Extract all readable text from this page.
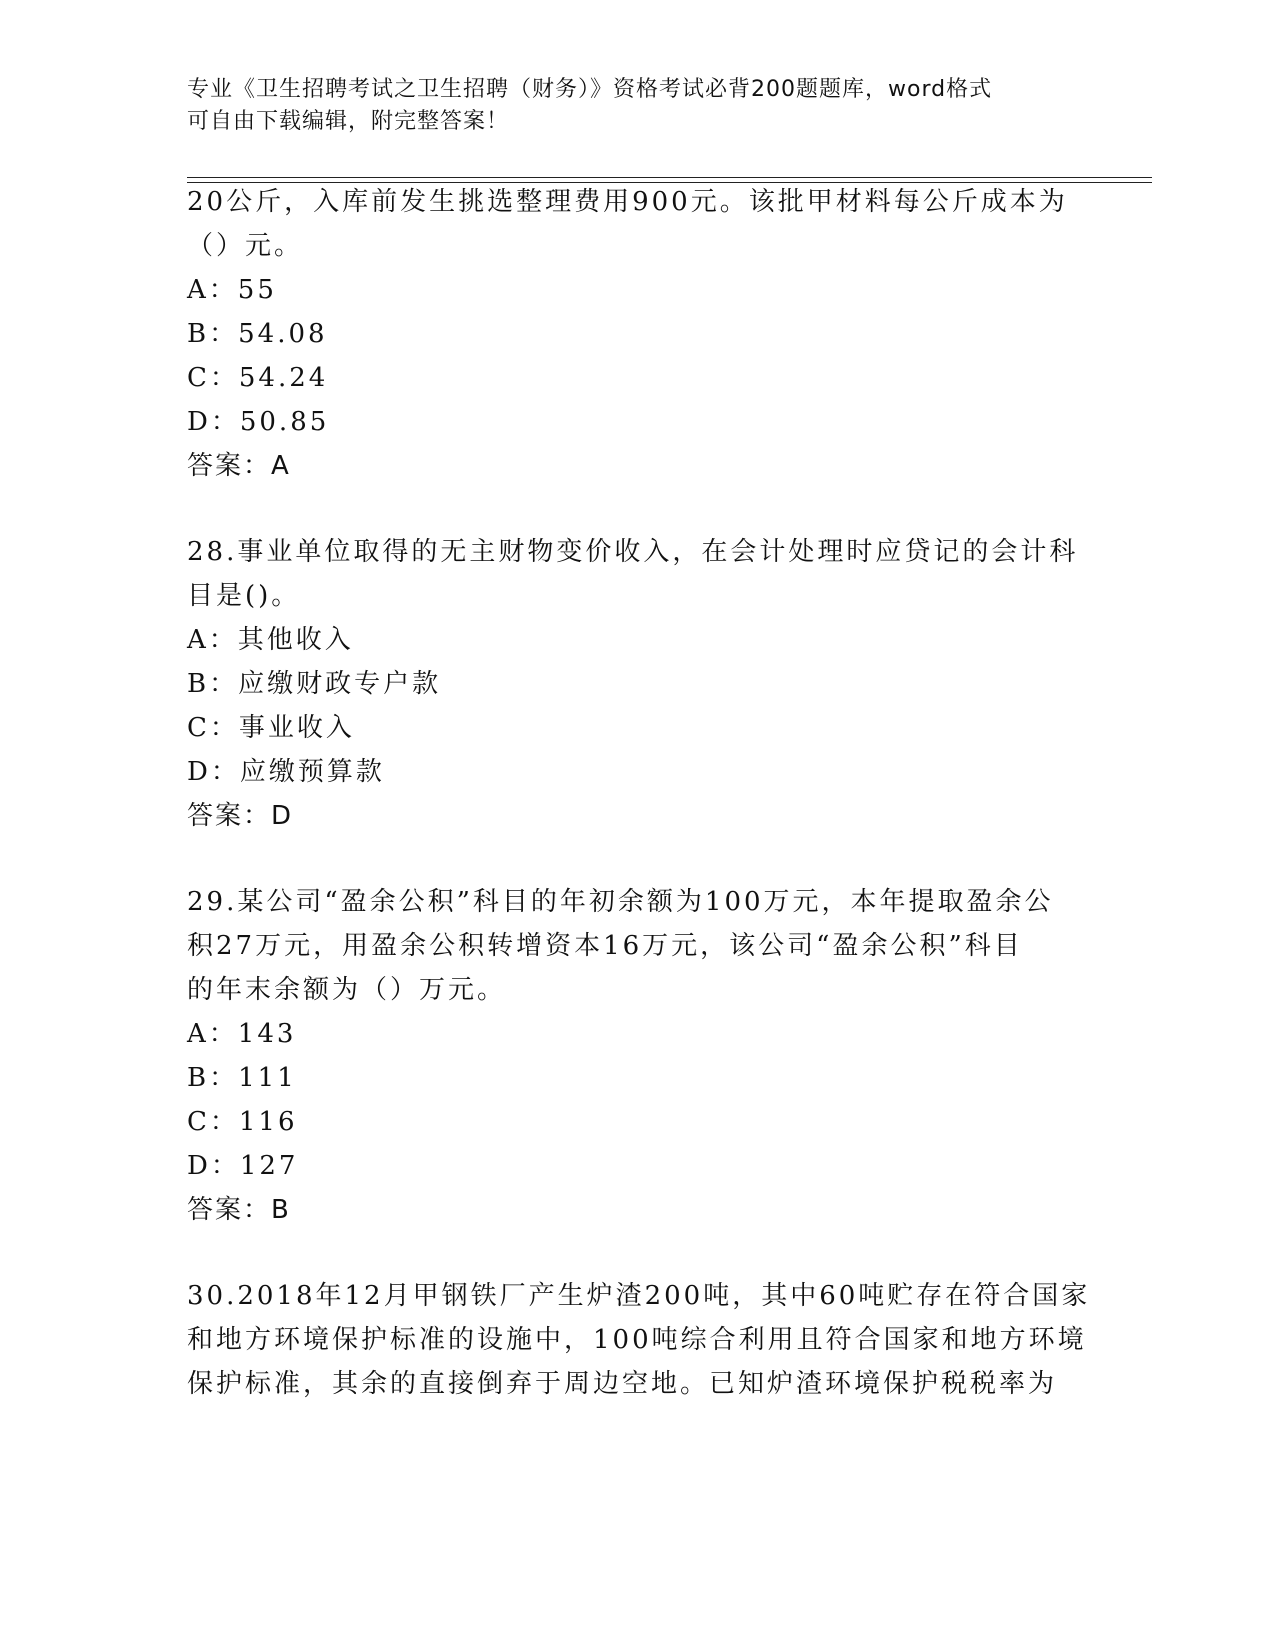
专业《卫生招聘考试之卫生招聘（财务）》资格考试必背200题题库，word格式
可自由下载编辑，附完整答案！
20公斤，入库前发生挑选整理费用900元。该批甲材料每公斤成本为
（）元。
A：55
B：54.08
C：54.24
D：50.85
答案：A
28.事业单位取得的无主财物变价收入，在会计处理时应贷记的会计科
目是()。
A：其他收入
B：应缴财政专户款
C：事业收入
D：应缴预算款
答案：D
29.某公司“盈余公积”科目的年初余额为100万元，本年提取盈余公
积27万元，用盈余公积转增资本16万元，该公司“盈余公积”科目
的年末余额为（）万元。
A：143
B：111
C：116
D：127
答案：B
30.2018年12月甲钢铁厂产生炉渣200吨，其中60吨贮存在符合国家
和地方环境保护标准的设施中，100吨综合利用且符合国家和地方环境
保护标准，其余的直接倒弃于周边空地。已知炉渣环境保护税税率为
